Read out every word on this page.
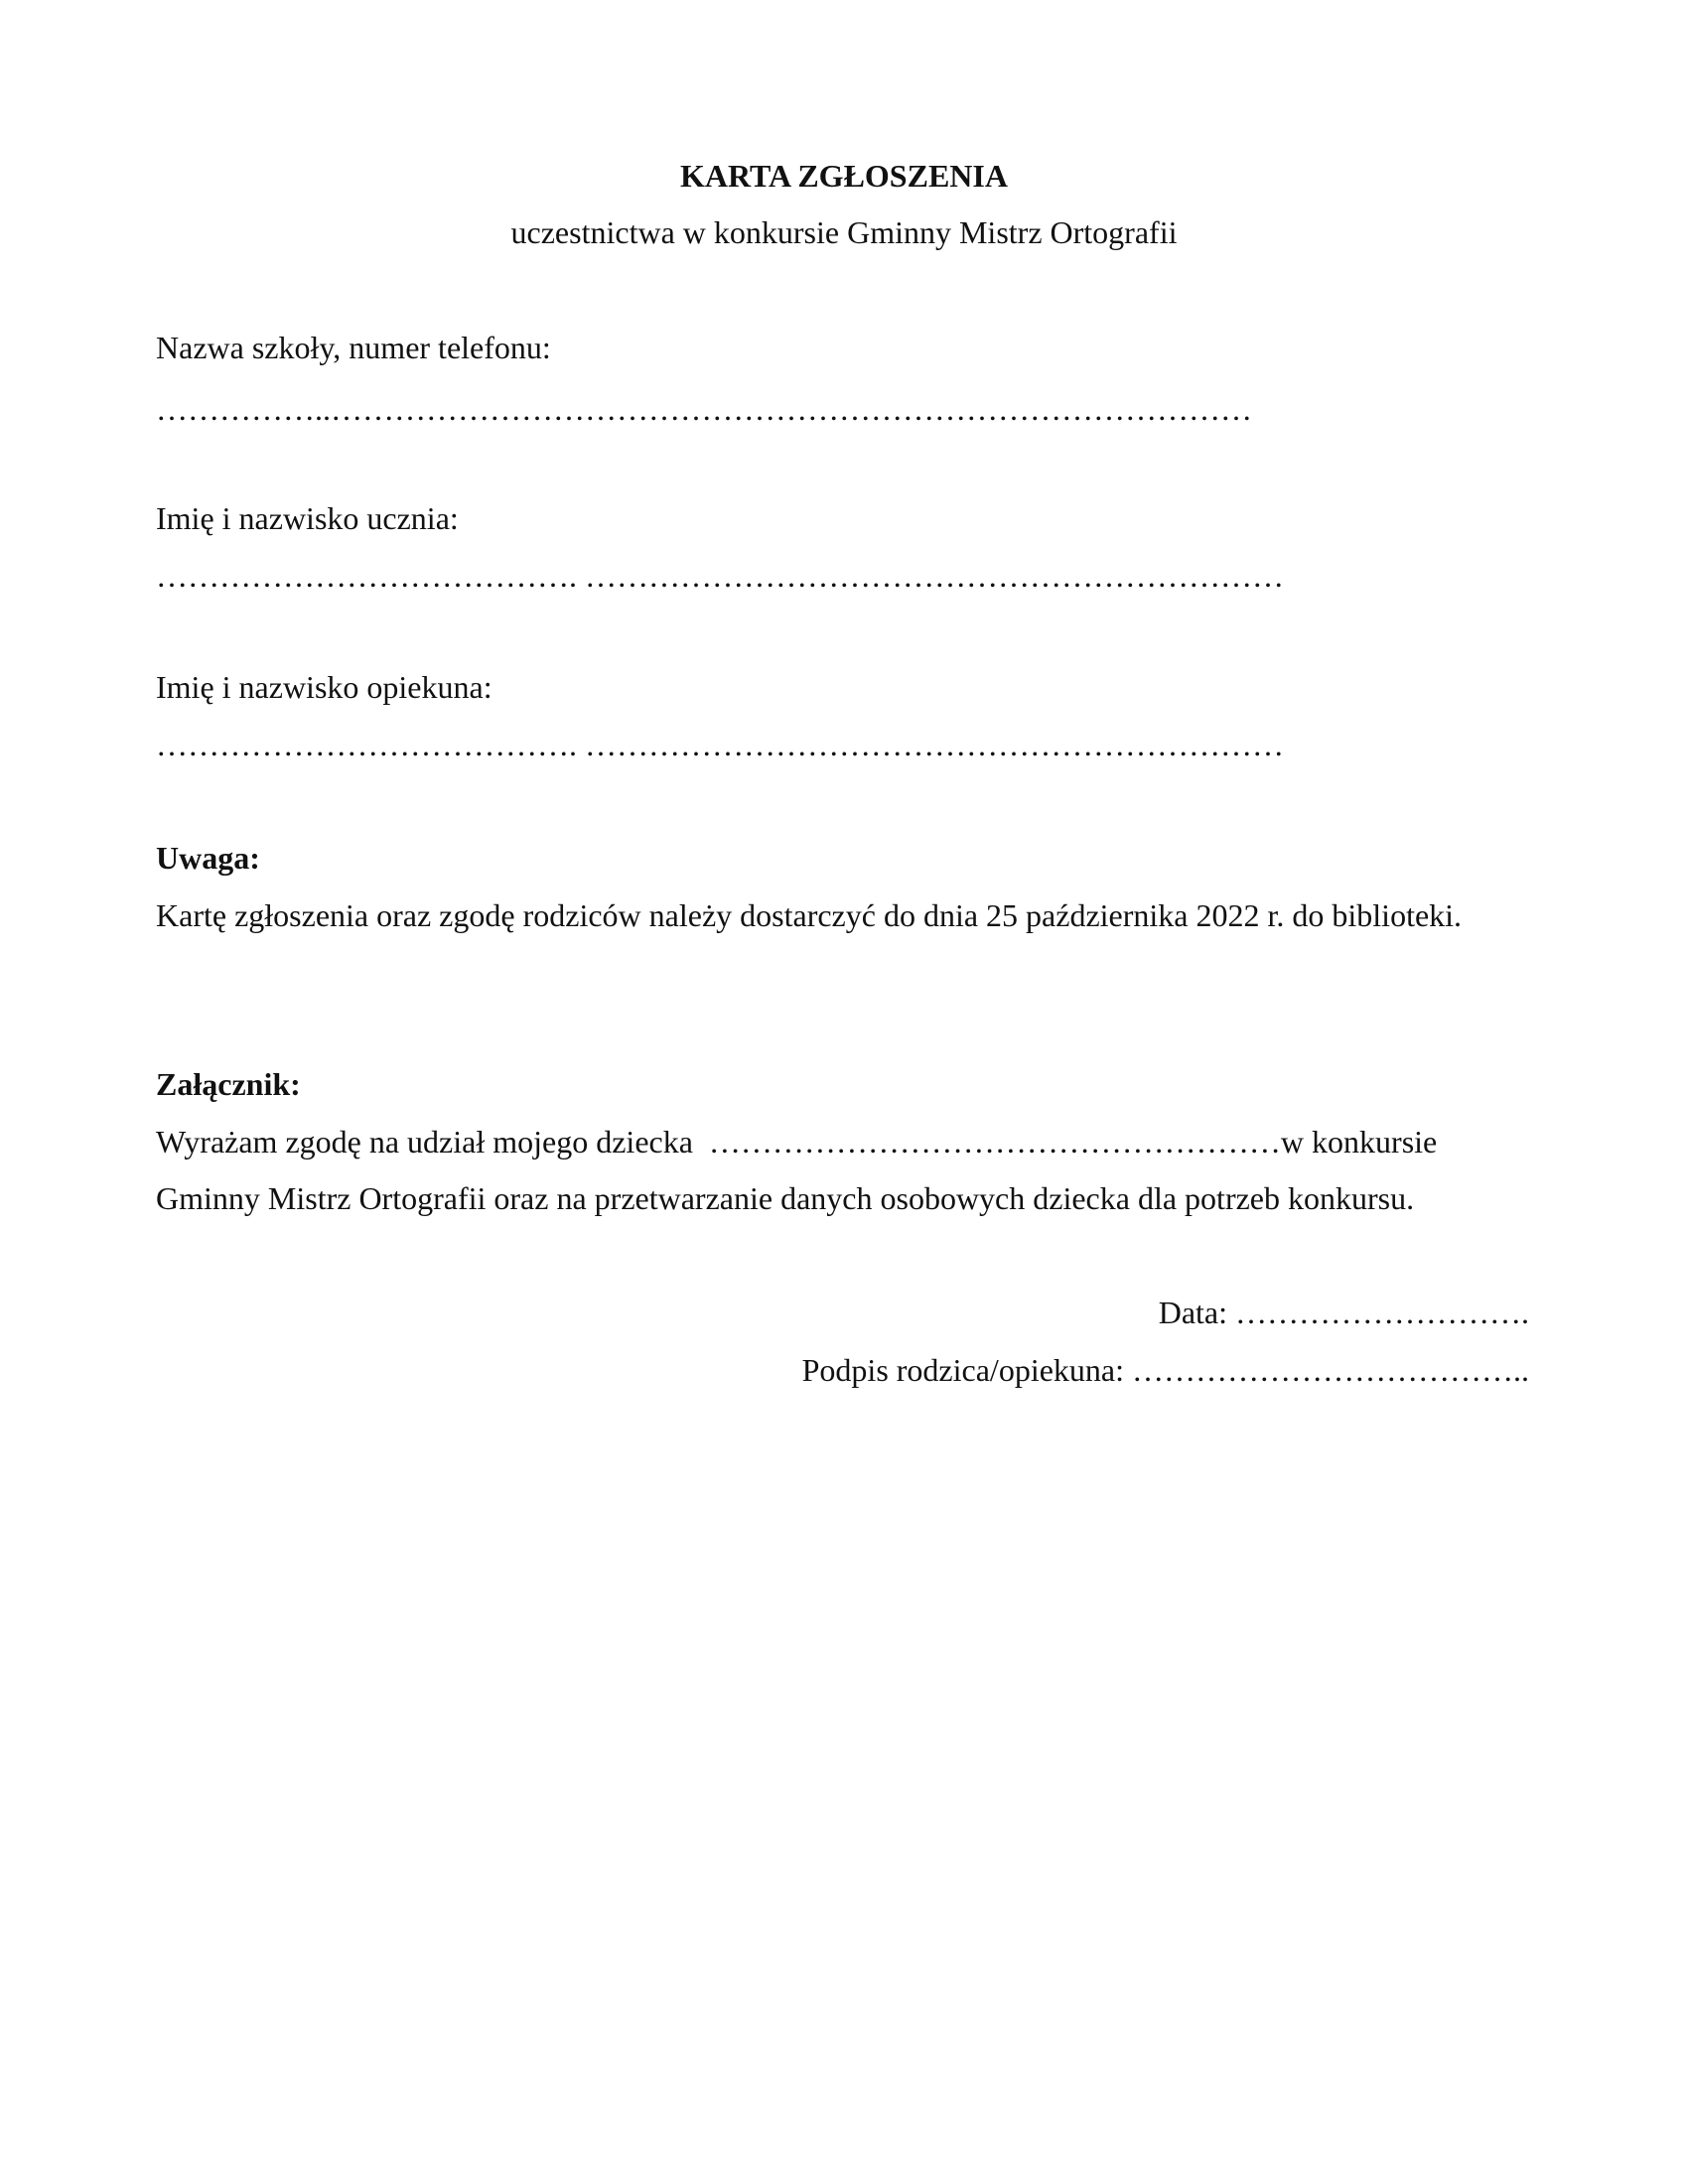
KARTA ZGŁOSZENIA
uczestnictwa w konkursie Gminny Mistrz Ortografii
Nazwa szkoły, numer telefonu:
……………..……………………………………………………………………………
Imię i nazwisko ucznia:
…………………………………. …………………………………………………………
Imię i nazwisko opiekuna:
…………………………………. …………………………………………………………
Uwaga:
Kartę zgłoszenia oraz zgodę rodziców należy dostarczyć do dnia 25 października 2022 r. do biblioteki.
Załącznik:
Wyrażam zgodę na udział mojego dziecka  ………………………………………………w konkursie
Gminny Mistrz Ortografii oraz na przetwarzanie danych osobowych dziecka dla potrzeb konkursu.
Data: ……………………….
Podpis rodzica/opiekuna: ………………………………..
